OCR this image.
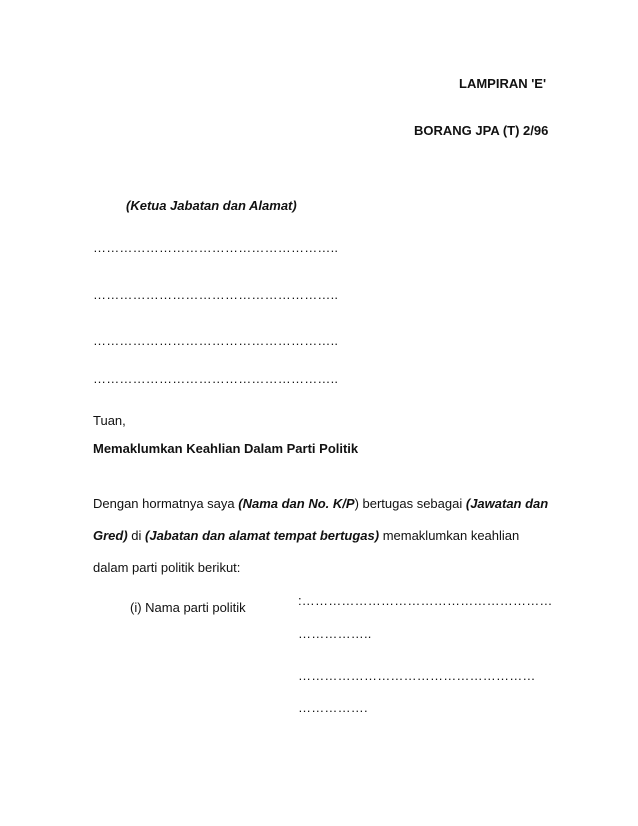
LAMPIRAN 'E'
BORANG JPA (T) 2/96
(Ketua Jabatan dan Alamat)
………………………………………………..
………………………………………………..
………………………………………………..
………………………………………………..
Tuan,
Memaklumkan Keahlian Dalam Parti Politik
Dengan hormatnya saya (Nama dan No. K/P) bertugas sebagai (Jawatan dan Gred) di (Jabatan dan alamat tempat bertugas) memaklumkan keahlian dalam parti politik berikut:
(i) Nama parti politik	:…………………………………………………
……………..
………………………………………………
…………….
